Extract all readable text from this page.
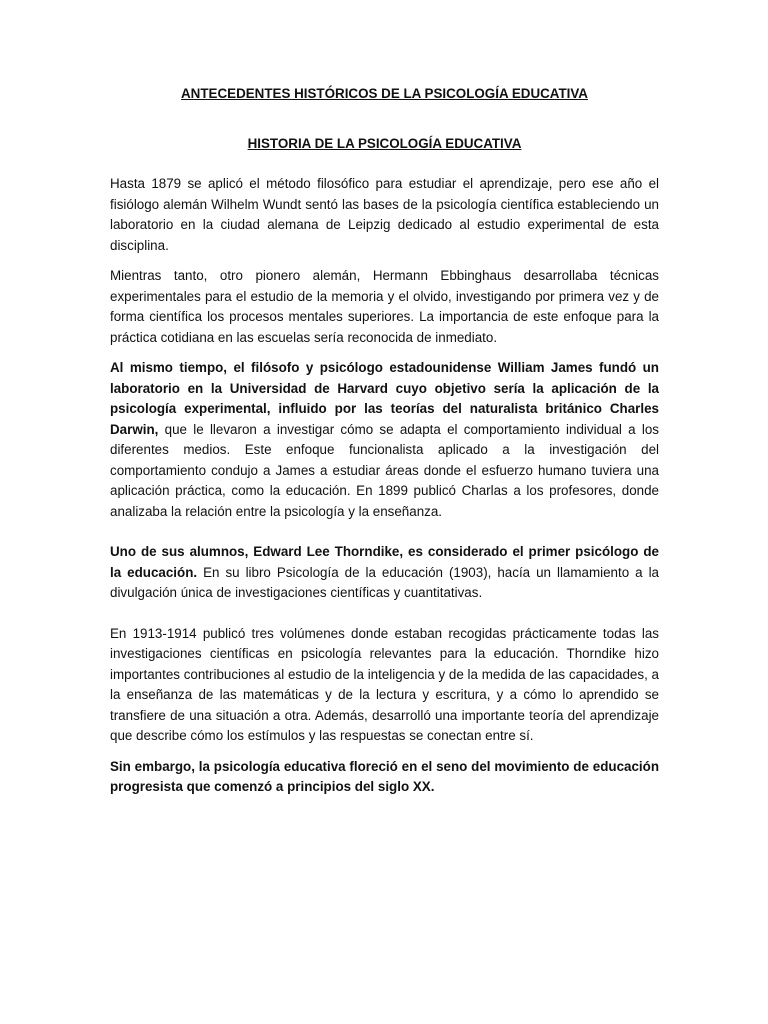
ANTECEDENTES HISTÓRICOS DE LA PSICOLOGÍA EDUCATIVA

HISTORIA DE LA PSICOLOGÍA EDUCATIVA

Hasta 1879 se aplicó el método filosófico para estudiar el aprendizaje, pero ese año el fisiólogo alemán Wilhelm Wundt sentó las bases de la psicología científica estableciendo un laboratorio en la ciudad alemana de Leipzig dedicado al estudio experimental de esta disciplina.

Mientras tanto, otro pionero alemán, Hermann Ebbinghaus desarrollaba técnicas experimentales para el estudio de la memoria y el olvido, investigando por primera vez y de forma científica los procesos mentales superiores. La importancia de este enfoque para la práctica cotidiana en las escuelas sería reconocida de inmediato.

Al mismo tiempo, el filósofo y psicólogo estadounidense William James fundó un laboratorio en la Universidad de Harvard cuyo objetivo sería la aplicación de la psicología experimental, influido por las teorías del naturalista británico Charles Darwin, que le llevaron a investigar cómo se adapta el comportamiento individual a los diferentes medios. Este enfoque funcionalista aplicado a la investigación del comportamiento condujo a James a estudiar áreas donde el esfuerzo humano tuviera una aplicación práctica, como la educación. En 1899 publicó Charlas a los profesores, donde analizaba la relación entre la psicología y la enseñanza.

Uno de sus alumnos, Edward Lee Thorndike, es considerado el primer psicólogo de la educación. En su libro Psicología de la educación (1903), hacía un llamamiento a la divulgación única de investigaciones científicas y cuantitativas.

En 1913-1914 publicó tres volúmenes donde estaban recogidas prácticamente todas las investigaciones científicas en psicología relevantes para la educación. Thorndike hizo importantes contribuciones al estudio de la inteligencia y de la medida de las capacidades, a la enseñanza de las matemáticas y de la lectura y escritura, y a cómo lo aprendido se transfiere de una situación a otra. Además, desarrolló una importante teoría del aprendizaje que describe cómo los estímulos y las respuestas se conectan entre sí.

Sin embargo, la psicología educativa floreció en el seno del movimiento de educación progresista que comenzó a principios del siglo XX.
